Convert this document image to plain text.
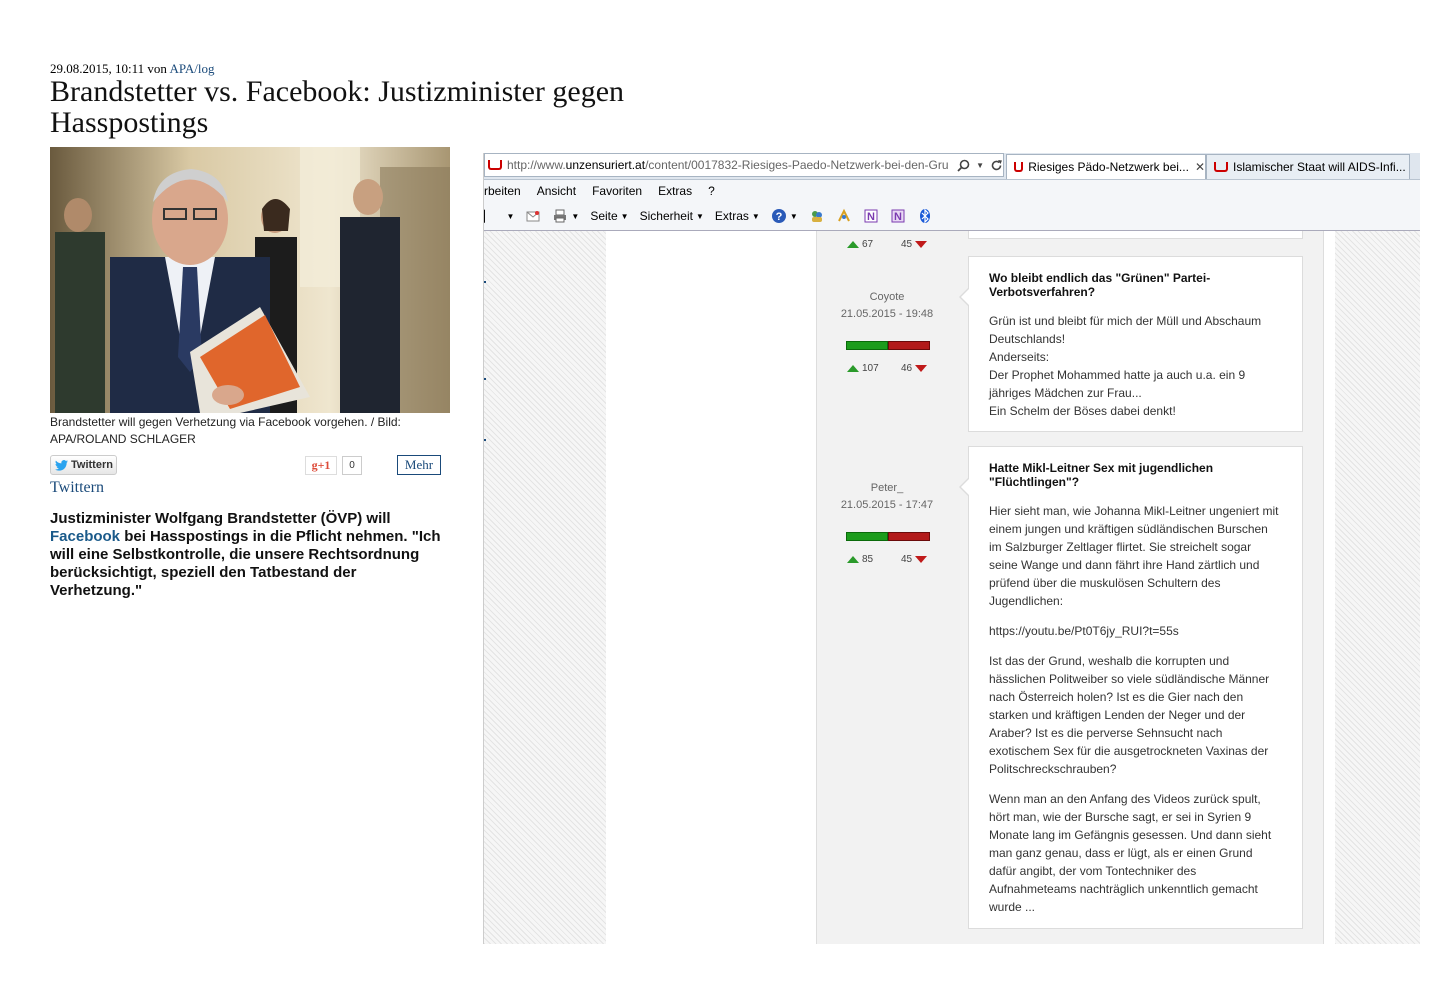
29.08.2015, 10:11 von APA/log
Brandstetter vs. Facebook: Justizminister gegen Hasspostings
Brandstetter will gegen Verhetzung via Facebook vorgehen. / Bild: APA/ROLAND SCHLAGER
Twittern	g+1	0	Mehr
Twittern
Justizminister Wolfgang Brandstetter (ÖVP) will Facebook bei Hasspostings in die Pflicht nehmen. "Ich will eine Selbstkontrolle, die unsere Rechtsordnung berücksichtigt, speziell den Tatbestand der Verhetzung."
http://www.unzensuriert.at/content/0017832-Riesiges-Paedo-Netzwerk-bei-den-Gru	▼	Riesiges Pädo-Netzwerk bei... ✕ Islamischer Staat will AIDS-Infi...
rbeiten Ansicht Favoriten Extras ?
▏ ▼	▼ Seite ▼ Sicherheit ▼ Extras ▼ ? ▼	N N
67	45
Coyote
21.05.2015 - 19:48
107 46
Wo bleibt endlich das "Grünen" Partei-Verbotsverfahren?
Grün ist und bleibt für mich der Müll und Abschaum Deutschlands!
Anderseits:
Der Prophet Mohammed hatte ja auch u.a. ein 9 jähriges Mädchen zur Frau...
Ein Schelm der Böses dabei denkt!
Peter_
21.05.2015 - 17:47
85	45
Hatte Mikl-Leitner Sex mit jugendlichen "Flüchtlingen"?

Hier sieht man, wie Johanna Mikl-Leitner ungeniert mit einem jungen und kräftigen südländischen Burschen im Salzburger Zeltlager flirtet. Sie streichelt sogar seine Wange und dann fährt ihre Hand zärtlich und prüfend über die muskulösen Schultern des Jugendlichen:

https://youtu.be/Pt0T6jy_RUI?t=55s

Ist das der Grund, weshalb die korrupten und hässlichen Politweiber so viele südländische Männer nach Österreich holen? Ist es die Gier nach den starken und kräftigen Lenden der Neger und der Araber? Ist es die perverse Sehnsucht nach exotischem Sex für die ausgetrockneten Vaxinas der Politschreckschrauben?

Wenn man an den Anfang des Videos zurück spult, hört man, wie der Bursche sagt, er sei in Syrien 9 Monate lang im Gefängnis gesessen. Und dann sieht man ganz genau, dass er lügt, als er einen Grund dafür angibt, der vom Tontechniker des Aufnahmeteams nachträglich unkenntlich gemacht wurde ...
